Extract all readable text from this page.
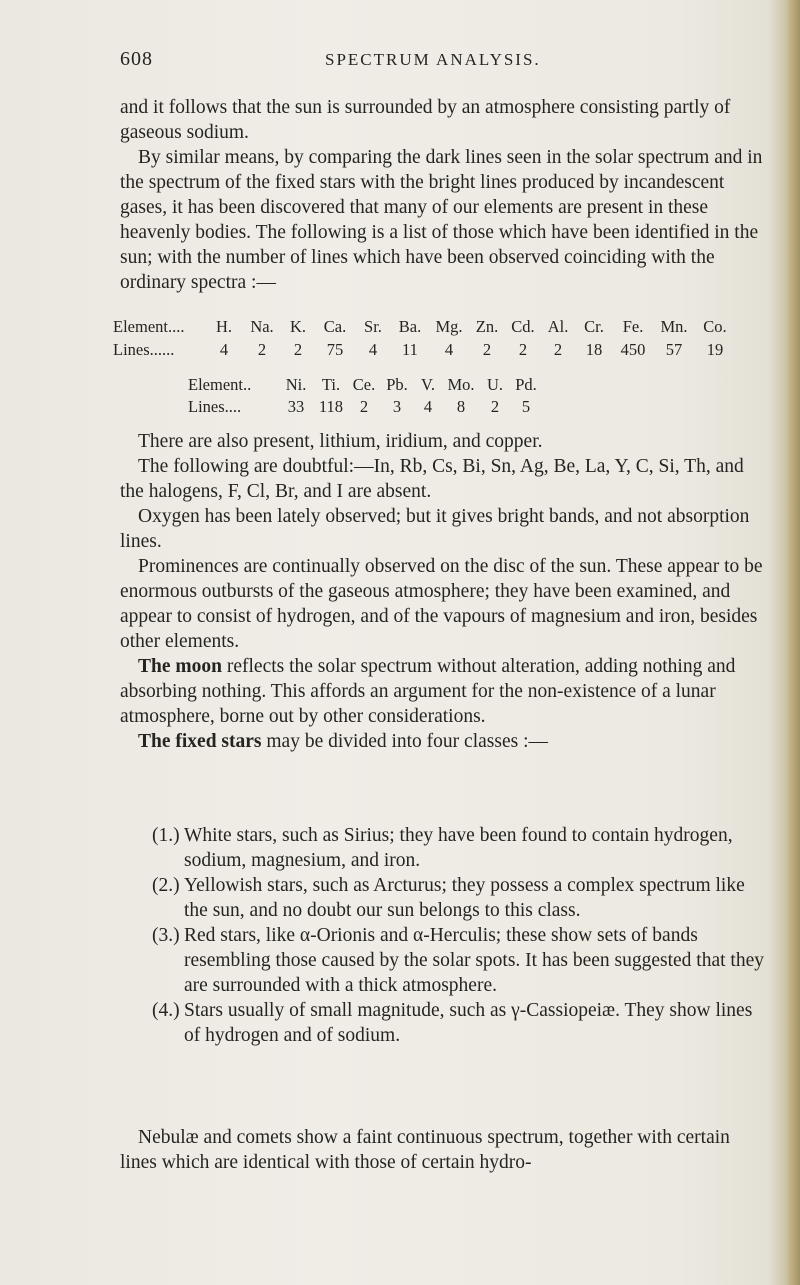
608	SPECTRUM ANALYSIS.

and it follows that the sun is surrounded by an atmosphere consisting partly of gaseous sodium.

By similar means, by comparing the dark lines seen in the solar spectrum and in the spectrum of the fixed stars with the bright lines produced by incandescent gases, it has been discovered that many of our elements are present in these heavenly bodies. The following is a list of those which have been identified in the sun; with the number of lines which have been observed coinciding with the ordinary spectra :—

Element....	H.	Na.	K.	Ca.	Sr.	Ba.	Mg.	Zn.	Cd.	Al.	Cr.	Fe.	Mn.	Co.
Lines......	4	2	2	75	4	11	4	2	2	2	18	450	57	19
Element..	Ni.	Ti.	Ce.	Pb.	V.	Mo.	U.	Pd.
Lines....	33	118	2	3	4	8	2	5

There are also present, lithium, iridium, and copper.

The following are doubtful:—In, Rb, Cs, Bi, Sn, Ag, Be, La, Y, C, Si, Th, and the halogens, F, Cl, Br, and I are absent.

Oxygen has been lately observed; but it gives bright bands, and not absorption lines.

Prominences are continually observed on the disc of the sun. These appear to be enormous outbursts of the gaseous atmosphere; they have been examined, and appear to consist of hydrogen, and of the vapours of magnesium and iron, besides other elements.

The moon reflects the solar spectrum without alteration, adding nothing and absorbing nothing. This affords an argument for the non-existence of a lunar atmosphere, borne out by other considerations.

The fixed stars may be divided into four classes :—

(1.) White stars, such as Sirius; they have been found to contain hydrogen, sodium, magnesium, and iron.
(2.) Yellowish stars, such as Arcturus; they possess a complex spectrum like the sun, and no doubt our sun belongs to this class.
(3.) Red stars, like α-Orionis and α-Herculis; these show sets of bands resembling those caused by the solar spots. It has been suggested that they are surrounded with a thick atmosphere.
(4.) Stars usually of small magnitude, such as γ-Cassiopeiæ. They show lines of hydrogen and of sodium.

Nebulæ and comets show a faint continuous spectrum, together with certain lines which are identical with those of certain hydro-
